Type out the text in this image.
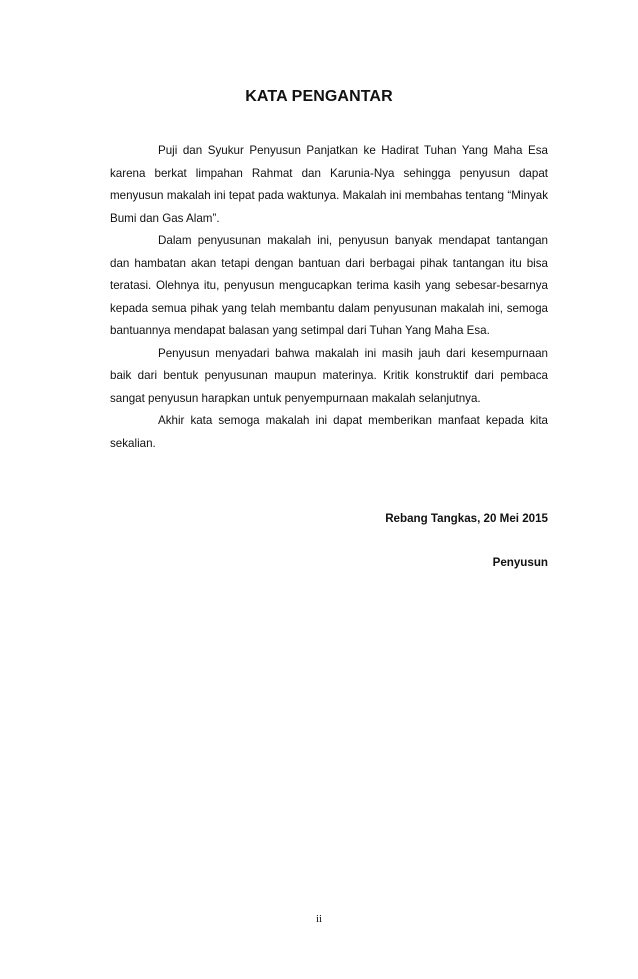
KATA PENGANTAR

Puji dan Syukur Penyusun Panjatkan ke Hadirat Tuhan Yang Maha Esa karena berkat limpahan Rahmat dan Karunia-Nya sehingga penyusun dapat menyusun makalah ini tepat pada waktunya. Makalah ini membahas tentang “Minyak Bumi dan Gas Alam”.

Dalam penyusunan makalah ini, penyusun banyak mendapat tantangan dan hambatan akan tetapi dengan bantuan dari berbagai pihak tantangan itu bisa teratasi. Olehnya itu, penyusun mengucapkan terima kasih yang sebesar-besarnya kepada semua pihak yang telah membantu dalam penyusunan makalah ini, semoga bantuannya mendapat balasan yang setimpal dari Tuhan Yang Maha Esa.

Penyusun menyadari bahwa makalah ini masih jauh dari kesempurnaan baik dari bentuk penyusunan maupun materinya. Kritik konstruktif dari pembaca sangat penyusun harapkan untuk penyempurnaan makalah selanjutnya.

Akhir kata semoga makalah ini dapat memberikan manfaat kepada kita sekalian.

Rebang Tangkas, 20 Mei 2015
Penyusun
ii
